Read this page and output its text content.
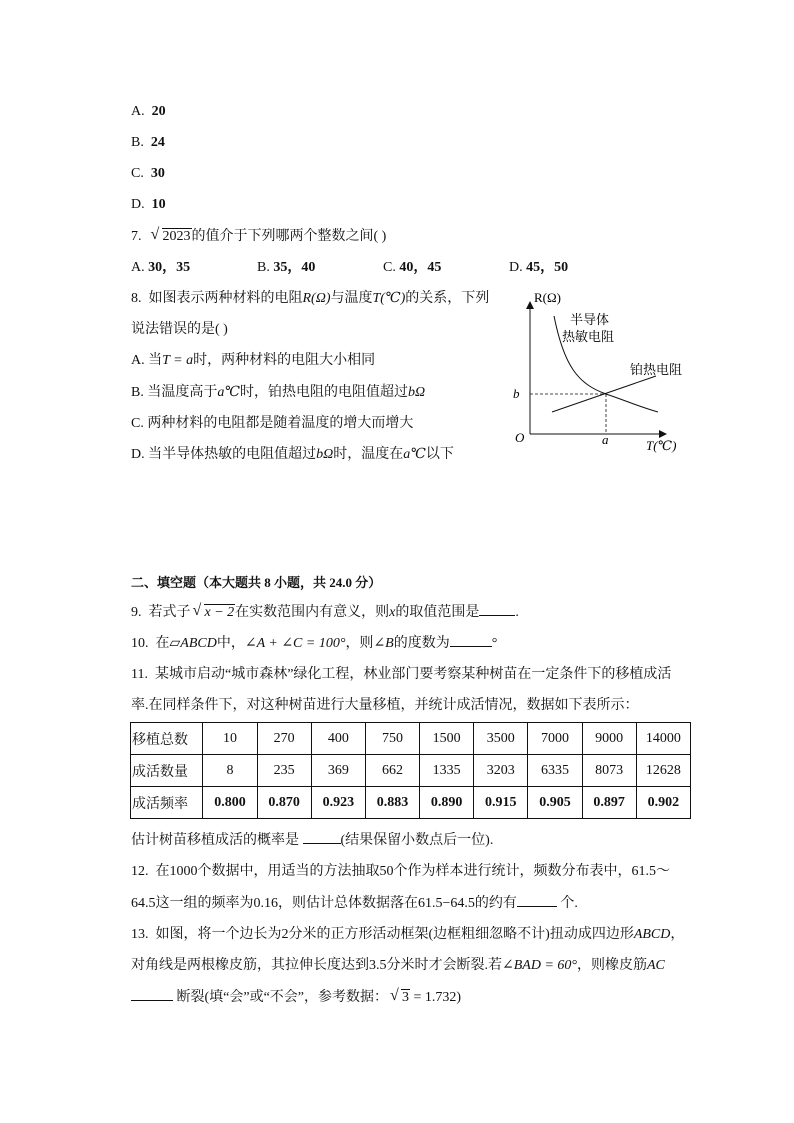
A. 20
B. 24
C. 30
D. 10
7. √ 2023的值介于下列哪两个整数之间( )
A. 30，35	B. 35，40	C. 40，45	D. 45，50
8. 如图表示两种材料的电阻R(Ω)与温度T(℃)的关系，下列
说法错误的是( )
A. 当T = a时，两种材料的电阻大小相同
B. 当温度高于a℃时，铂热电阻的电阻值超过bΩ
C. 两种材料的电阻都是随着温度的增大而增大
D. 当半导体热敏的电阻值超过bΩ时，温度在a℃以下
R(Ω)
T(℃)
O
b
a
半导体
热敏电阻
铂热电阻
二、填空题（本大题共 8 小题，共 24.0 分）
9. 若式子 √ x − 2在实数范围内有意义，则x的取值范围是	.
10. 在▱ABCD中，∠A + ∠C = 100°，则∠B的度数为	°
11. 某城市启动“城市森林”绿化工程，林业部门要考察某种树苗在一定条件下的移植成活
率.在同样条件下，对这种树苗进行大量移植，并统计成活情况，数据如下表所示：
移植总数	10	270	400	750	1500	3500	7000	9000	14000
成活数量	8	235	369	662	1335	3203	6335	8073	12628
成活频率	0.800	0.870	0.923	0.883	0.890	0.915	0.905	0.897	0.902
估计树苗移植成活的概率是	(结果保留小数点后一位).
12. 在1000个数据中，用适当的方法抽取50个作为样本进行统计，频数分布表中，61.5～
64.5这一组的频率为0.16，则估计总体数据落在61.5−64.5的约有	个.
13. 如图，将一个边长为2分米的正方形活动框架(边框粗细忽略不计)扭动成四边形ABCD，
对角线是两根橡皮筋，其拉伸长度达到3.5分米时才会断裂.若∠BAD = 60°，则橡皮筋AC
断裂(填“会”或“不会”，参考数据： √ 3 = 1.732)
